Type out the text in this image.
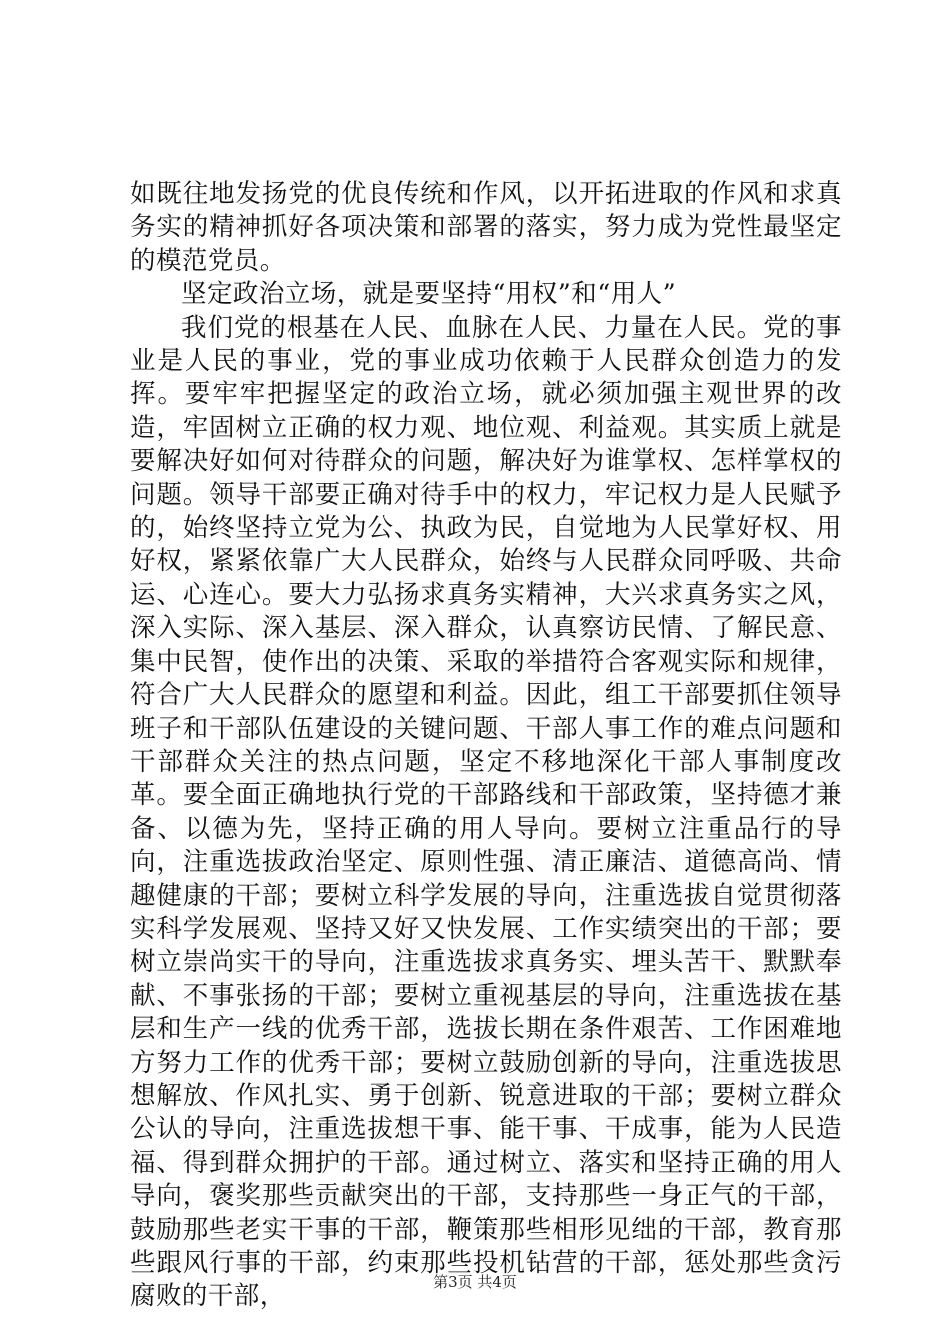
如既往地发扬党的优良传统和作风，以开拓进取的作风和求真务实的精神抓好各项决策和部署的落实，努力成为党性最坚定的模范党员。

坚定政治立场，就是要坚持“用权”和“用人”

我们党的根基在人民、血脉在人民、力量在人民。党的事业是人民的事业，党的事业成功依赖于人民群众创造力的发挥。要牢牢把握坚定的政治立场，就必须加强主观世界的改造，牢固树立正确的权力观、地位观、利益观。其实质上就是要解决好如何对待群众的问题，解决好为谁掌权、怎样掌权的问题。领导干部要正确对待手中的权力，牢记权力是人民赋予的，始终坚持立党为公、执政为民，自觉地为人民掌好权、用好权，紧紧依靠广大人民群众，始终与人民群众同呼吸、共命运、心连心。要大力弘扬求真务实精神，大兴求真务实之风，深入实际、深入基层、深入群众，认真察访民情、了解民意、集中民智，使作出的决策、采取的举措符合客观实际和规律，符合广大人民群众的愿望和利益。因此，组工干部要抓住领导班子和干部队伍建设的关键问题、干部人事工作的难点问题和干部群众关注的热点问题，坚定不移地深化干部人事制度改革。要全面正确地执行党的干部路线和干部政策，坚持德才兼备、以德为先，坚持正确的用人导向。要树立注重品行的导向，注重选拔政治坚定、原则性强、清正廉洁、道德高尚、情趣健康的干部；要树立科学发展的导向，注重选拔自觉贯彻落实科学发展观、坚持又好又快发展、工作实绩突出的干部；要树立崇尚实干的导向，注重选拔求真务实、埋头苦干、默默奉献、不事张扬的干部；要树立重视基层的导向，注重选拔在基层和生产一线的优秀干部，选拔长期在条件艰苦、工作困难地方努力工作的优秀干部；要树立鼓励创新的导向，注重选拔思想解放、作风扎实、勇于创新、锐意进取的干部；要树立群众公认的导向，注重选拔想干事、能干事、干成事，能为人民造福、得到群众拥护的干部。通过树立、落实和坚持正确的用人导向，褒奖那些贡献突出的干部，支持那些一身正气的干部，鼓励那些老实干事的干部，鞭策那些相形见绌的干部，教育那些跟风行事的干部，约束那些投机钻营的干部，惩处那些贪污腐败的干部，	第3页 共4页
